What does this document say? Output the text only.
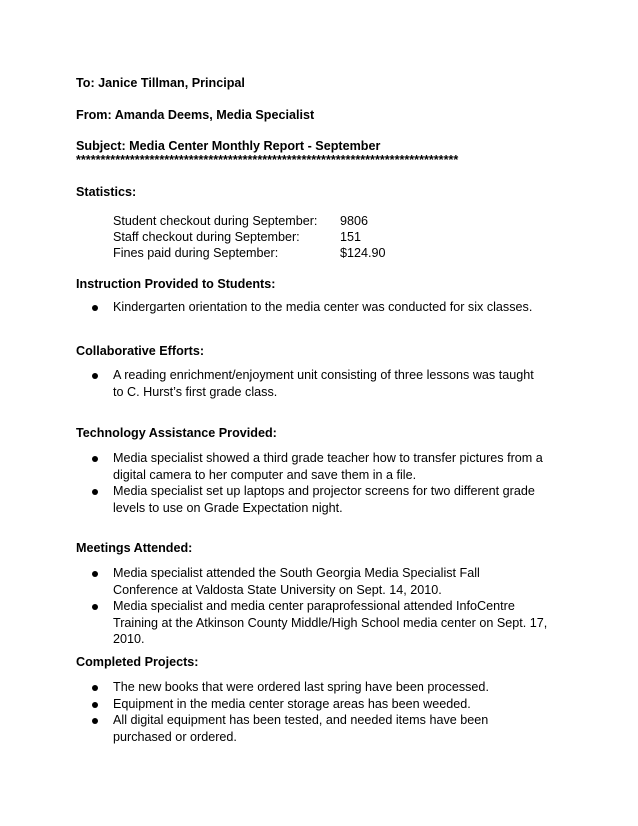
To: Janice Tillman, Principal
From: Amanda Deems, Media Specialist
Subject: Media Center Monthly Report - September
******************************************************************************
Statistics:
Student checkout during September: 9806
Staff checkout during September:	151
Fines paid during September:	$124.90
Instruction Provided to Students:
Kindergarten orientation to the media center was conducted for six classes.
Collaborative Efforts:
A reading enrichment/enjoyment unit consisting of three lessons was taught to C. Hurst’s first grade class.
Technology Assistance Provided:
Media specialist showed a third grade teacher how to transfer pictures from a digital camera to her computer and save them in a file.
Media specialist set up laptops and projector screens for two different grade levels to use on Grade Expectation night.
Meetings Attended:
Media specialist attended the South Georgia Media Specialist Fall Conference at Valdosta State University on Sept. 14, 2010.
Media specialist and media center paraprofessional attended InfoCentre Training at the Atkinson County Middle/High School media center on Sept. 17, 2010.
Completed Projects:
The new books that were ordered last spring have been processed.
Equipment in the media center storage areas has been weeded.
All digital equipment has been tested, and needed items have been purchased or ordered.
